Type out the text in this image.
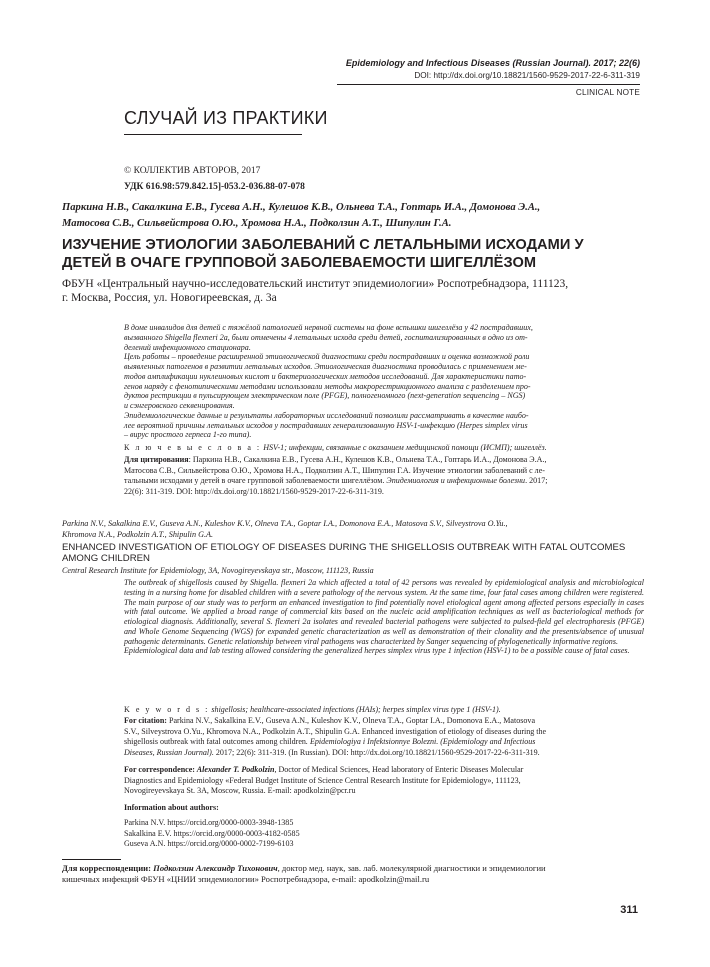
Epidemiology and Infectious Diseases (Russian Journal). 2017; 22(6)
DOI: http://dx.doi.org/10.18821/1560-9529-2017-22-6-311-319
CLINICAL NOTE
СЛУЧАЙ ИЗ ПРАКТИКИ
© КОЛЛЕКТИВ АВТОРОВ, 2017
УДК 616.98:579.842.15]-053.2-036.88-07-078
Паркина Н.В., Сакалкина Е.В., Гусева А.Н., Кулешов К.В., Ольнева Т.А., Гоптарь И.А., Домонова Э.А.,
Матосова С.В., Сильвейстрова О.Ю., Хромова Н.А., Подколзин А.Т., Шипулин Г.А.
ИЗУЧЕНИЕ ЭТИОЛОГИИ ЗАБОЛЕВАНИЙ С ЛЕТАЛЬНЫМИ ИСХОДАМИ У
ДЕТЕЙ В ОЧАГЕ ГРУППОВОЙ ЗАБОЛЕВАЕМОСТИ ШИГЕЛЛЁЗОМ
ФБУН «Центральный научно-исследовательский институт эпидемиологии» Роспотребнадзора, 111123,
г. Москва, Россия, ул. Новогиреевская, д. 3а

В доме инвалидов для детей с тяжёлой патологией нервной системы на фоне вспышки шигеллёза у 42 пострадавших,

вызванного Shigella flexneri 2a, были отмечены 4 летальных исхода среди детей, госпитализированных в одно из от-

делений инфекционного стационара.

Цель работы – проведение расширенной этиологической диагностики среди пострадавших и оценка возможной роли

выявленных патогенов в развитии летальных исходов. Этиологическая диагностика проводилась с применением ме-

тодов амплификации нуклеиновых кислот и бактериологических методов исследований. Для характеристики пато-

генов наряду с фенотипическими методами использовали методы макрорестрикционного анализа с разделением про-

дуктов рестрикции в пульсирующем электрическом поле (PFGE), полногеномного (next-generation sequencing – NGS)

и сэнгеровского секвенирования.

Эпидемиологические данные и результаты лабораторных исследований позволили рассматривать в качестве наибо-

лее вероятной причины летальных исходов у пострадавших генерализованную HSV-1-инфекцию (Herpes simplex virus

– вирус простого герпеса 1-го типа).

К л ю ч е в ы е с л о в а : HSV-1; инфекции, связанные с оказанием медицинской помощи (ИСМП); шигеллёз.
Для цитирования: Паркина Н.В., Сакалкина Е.В., Гусева А.Н., Кулешов К.В., Ольнева Т.А., Гоптарь И.А., Домонова Э.А.,
Матосова С.В., Сильвейстрова О.Ю., Хромова Н.А., Подколзин А.Т., Шипулин Г.А. Изучение этиологии заболеваний с ле-
тальными исходами у детей в очаге групповой заболеваемости шигеллёзом. Эпидемиология и инфекционные болезни. 2017;
22(6): 311-319. DOI: http://dx.doi.org/10.18821/1560-9529-2017-22-6-311-319.
Parkina N.V., Sakalkina E.V., Guseva A.N., Kuleshov K.V., Olneva T.A., Goptar I.A., Domonova E.A., Matosova S.V., Silveystrova O.Yu.,
Khromova N.A., Podkolzin A.T., Shipulin G.A.
ENHANCED INVESTIGATION OF ETIOLOGY OF DISEASES DURING THE SHIGELLOSIS OUTBREAK WITH FATAL OUTCOMES
AMONG CHILDREN
Central Research Institute for Epidemiology, 3A, Novogireyevskaya str., Moscow, 111123, Russia

The outbreak of shigellosis caused by Shigella. flexneri 2a which affected a total of 42 persons was revealed by epidemiological analysis and microbiological testing in a nursing home for disabled children with a severe pathology of the nervous system. At the same time, four fatal cases among children were registered. The main purpose of our study was to perform an enhanced investigation to find potentially novel etiological agent among affected persons especially in cases with fatal outcome. We applied a broad range of commercial kits based on the nucleic acid amplification techniques as well as bacteriological methods for etiological diagnosis. Additionally, several S. flexneri 2a isolates and revealed bacterial pathogens were subjected to pulsed-field gel electrophoresis (PFGE) and Whole Genome Sequencing (WGS) for expanded genetic characterization as well as demonstration of their clonality and the presents/absence of unusual pathogenic determinants. Genetic relationship between viral pathogens was characterized by Sanger sequencing of phylogenetically informative regions.

Epidemiological data and lab testing allowed considering the generalized herpes simplex virus type 1 infection (HSV-1) to be a possible cause of fatal cases.

K e y w o r d s : shigellosis; healthcare-associated infections (HAIs); herpes simplex virus type 1 (HSV-1).
For citation: Parkina N.V., Sakalkina E.V., Guseva A.N., Kuleshov K.V., Olneva T.A., Goptar I.A., Domonova E.A., Matosova
S.V., Silveystrova O.Yu., Khromova N.A., Podkolzin A.T., Shipulin G.A. Enhanced investigation of etiology of diseases during the
shigellosis outbreak with fatal outcomes among children. Epidemiologiya i Infektsionnye Bolezni. (Epidemiology and Infectious
Diseases, Russian Journal). 2017; 22(6): 311-319. (In Russian). DOI: http://dx.doi.org/10.18821/1560-9529-2017-22-6-311-319.
For correspondence: Alexander T. Podkolzin, Doctor of Medical Sciences, Head laboratory of Enteric Diseases Molecular
Diagnostics and Epidemiology «Federal Budget Institute of Science Central Research Institute for Epidemiology», 111123,
Novogireyevskaya St. 3A, Moscow, Russia. E-mail: apodkolzin@pcr.ru
Information about authors:
Parkina N.V. https://orcid.org/0000-0003-3948-1385
Sakalkina E.V. https://orcid.org/0000-0003-4182-0585
Guseva A.N. https://orcid.org/0000-0002-7199-6103
Для корреспонденции: Подколзин Александр Тихонович, доктор мед. наук, зав. лаб. молекулярной диагностики и эпидемиологии
кишечных инфекций ФБУН «ЦНИИ эпидемиологии» Роспотребнадзора, e-mail: apodkolzin@mail.ru
311
